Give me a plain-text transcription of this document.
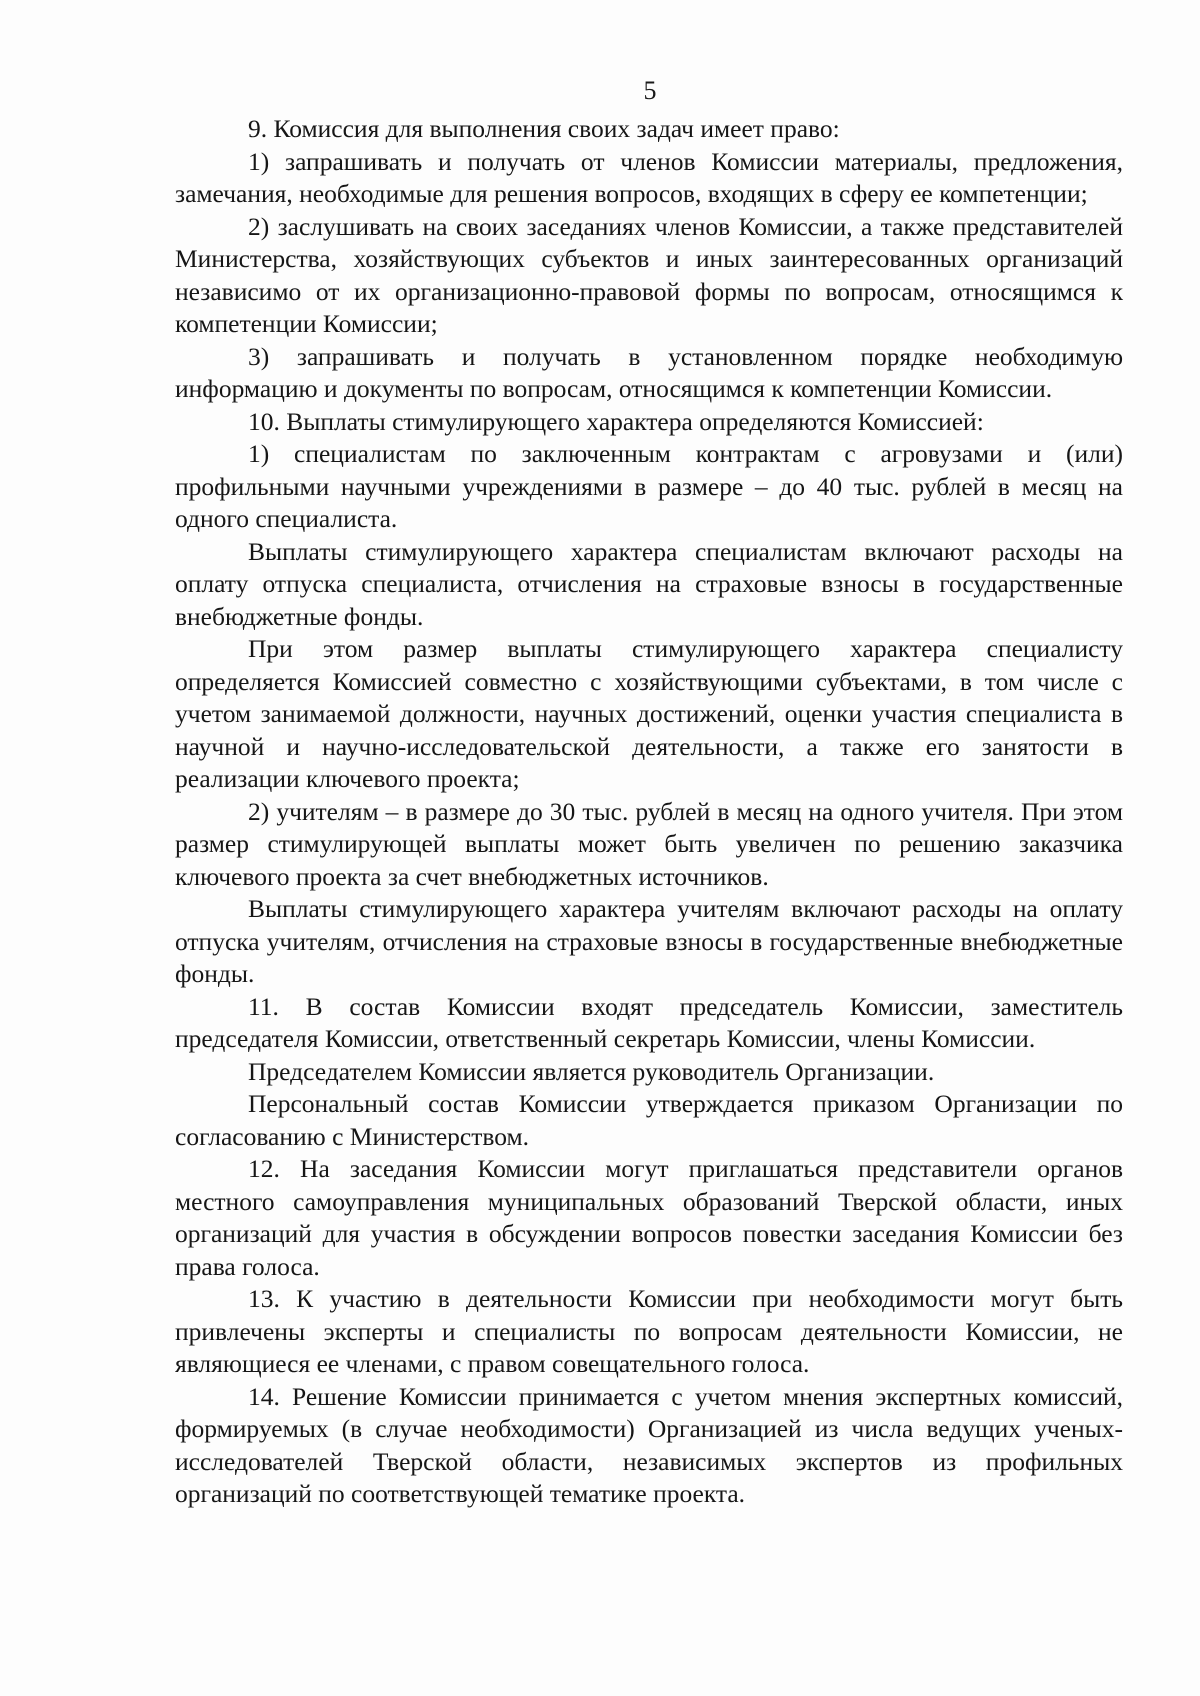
5

9. Комиссия для выполнения своих задач имеет право:

1) запрашивать и получать от членов Комиссии материалы, предложения, замечания, необходимые для решения вопросов, входящих в сферу ее компетенции;

2) заслушивать на своих заседаниях членов Комиссии, а также представителей Министерства, хозяйствующих субъектов и иных заинтересованных организаций независимо от их организационно-правовой формы по вопросам, относящимся к компетенции Комиссии;

3) запрашивать и получать в установленном порядке необходимую информацию и документы по вопросам, относящимся к компетенции Комиссии.

10. Выплаты стимулирующего характера определяются Комиссией:

1) специалистам по заключенным контрактам с агровузами и (или) профильными научными учреждениями в размере – до 40 тыс. рублей в месяц на одного специалиста.

Выплаты стимулирующего характера специалистам включают расходы на оплату отпуска специалиста, отчисления на страховые взносы в государственные внебюджетные фонды.

При этом размер выплаты стимулирующего характера специалисту определяется Комиссией совместно с хозяйствующими субъектами, в том числе с учетом занимаемой должности, научных достижений, оценки участия специалиста в научной и научно-исследовательской деятельности, а также его занятости в реализации ключевого проекта;

2) учителям – в размере до 30 тыс. рублей в месяц на одного учителя. При этом размер стимулирующей выплаты может быть увеличен по решению заказчика ключевого проекта за счет внебюджетных источников.

Выплаты стимулирующего характера учителям включают расходы на оплату отпуска учителям, отчисления на страховые взносы в государственные внебюджетные фонды.

11. В состав Комиссии входят председатель Комиссии, заместитель председателя Комиссии, ответственный секретарь Комиссии, члены Комиссии.

Председателем Комиссии является руководитель Организации.

Персональный состав Комиссии утверждается приказом Организации по согласованию с Министерством.

12. На заседания Комиссии могут приглашаться представители органов местного самоуправления муниципальных образований Тверской области, иных организаций для участия в обсуждении вопросов повестки заседания Комиссии без права голоса.

13. К участию в деятельности Комиссии при необходимости могут быть привлечены эксперты и специалисты по вопросам деятельности Комиссии, не являющиеся ее членами, с правом совещательного голоса.

14. Решение Комиссии принимается с учетом мнения экспертных комиссий, формируемых (в случае необходимости) Организацией из числа ведущих ученых-исследователей Тверской области, независимых экспертов из профильных организаций по соответствующей тематике проекта.
